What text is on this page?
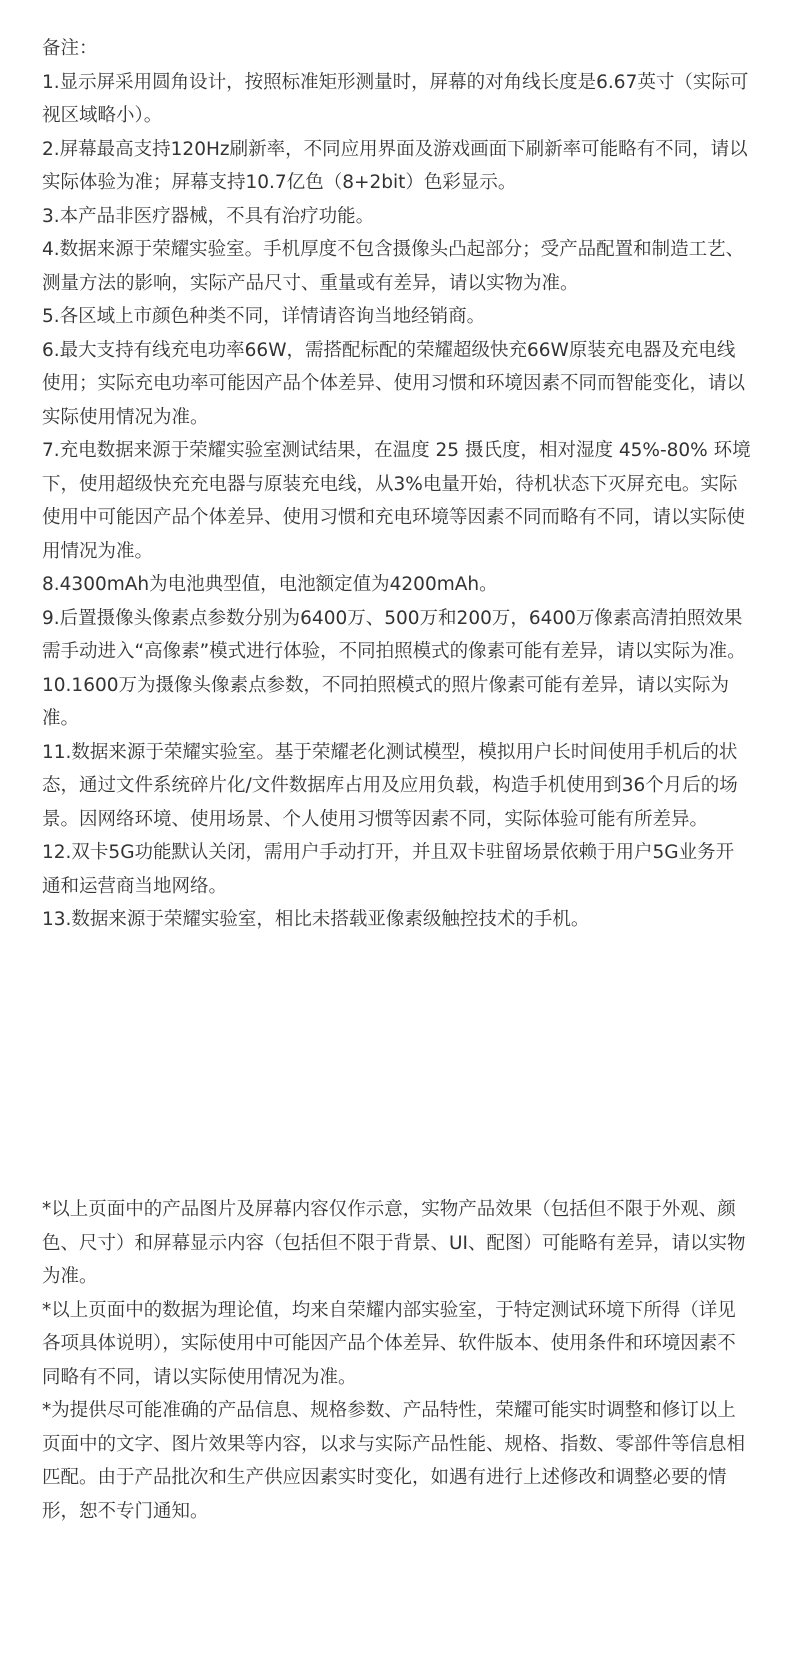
备注：

1.显示屏采用圆角设计，按照标准矩形测量时，屏幕的对角线长度是6.67英寸（实际可视区域略小）。

2.屏幕最高支持120Hz刷新率，不同应用界面及游戏画面下刷新率可能略有不同，请以实际体验为准；屏幕支持10.7亿色（8+2bit）色彩显示。

3.本产品非医疗器械，不具有治疗功能。

4.数据来源于荣耀实验室。手机厚度不包含摄像头凸起部分；受产品配置和制造工艺、测量方法的影响，实际产品尺寸、重量或有差异，请以实物为准。

5.各区域上市颜色种类不同，详情请咨询当地经销商。

6.最大支持有线充电功率66W，需搭配标配的荣耀超级快充66W原装充电器及充电线使用；实际充电功率可能因产品个体差异、使用习惯和环境因素不同而智能变化，请以实际使用情况为准。

7.充电数据来源于荣耀实验室测试结果，在温度 25 摄氏度，相对湿度 45%-80% 环境下，使用超级快充充电器与原装充电线，从3%电量开始，待机状态下灭屏充电。实际使用中可能因产品个体差异、使用习惯和充电环境等因素不同而略有不同，请以实际使用情况为准。

8.4300mAh为电池典型值，电池额定值为4200mAh。

9.后置摄像头像素点参数分别为6400万、500万和200万，6400万像素高清拍照效果需手动进入“高像素”模式进行体验，不同拍照模式的像素可能有差异，请以实际为准。

10.1600万为摄像头像素点参数，不同拍照模式的照片像素可能有差异，请以实际为准。

11.数据来源于荣耀实验室。基于荣耀老化测试模型，模拟用户长时间使用手机后的状态，通过文件系统碎片化/文件数据库占用及应用负载，构造手机使用到36个月后的场景。因网络环境、使用场景、个人使用习惯等因素不同，实际体验可能有所差异。

12.双卡5G功能默认关闭，需用户手动打开，并且双卡驻留场景依赖于用户5G业务开通和运营商当地网络。

13.数据来源于荣耀实验室，相比未搭载亚像素级触控技术的手机。

*以上页面中的产品图片及屏幕内容仅作示意，实物产品效果（包括但不限于外观、颜色、尺寸）和屏幕显示内容（包括但不限于背景、UI、配图）可能略有差异，请以实物为准。

*以上页面中的数据为理论值，均来自荣耀内部实验室，于特定测试环境下所得（详见各项具体说明），实际使用中可能因产品个体差异、软件版本、使用条件和环境因素不同略有不同，请以实际使用情况为准。

*为提供尽可能准确的产品信息、规格参数、产品特性，荣耀可能实时调整和修订以上页面中的文字、图片效果等内容，以求与实际产品性能、规格、指数、零部件等信息相匹配。由于产品批次和生产供应因素实时变化，如遇有进行上述修改和调整必要的情形，恕不专门通知。
